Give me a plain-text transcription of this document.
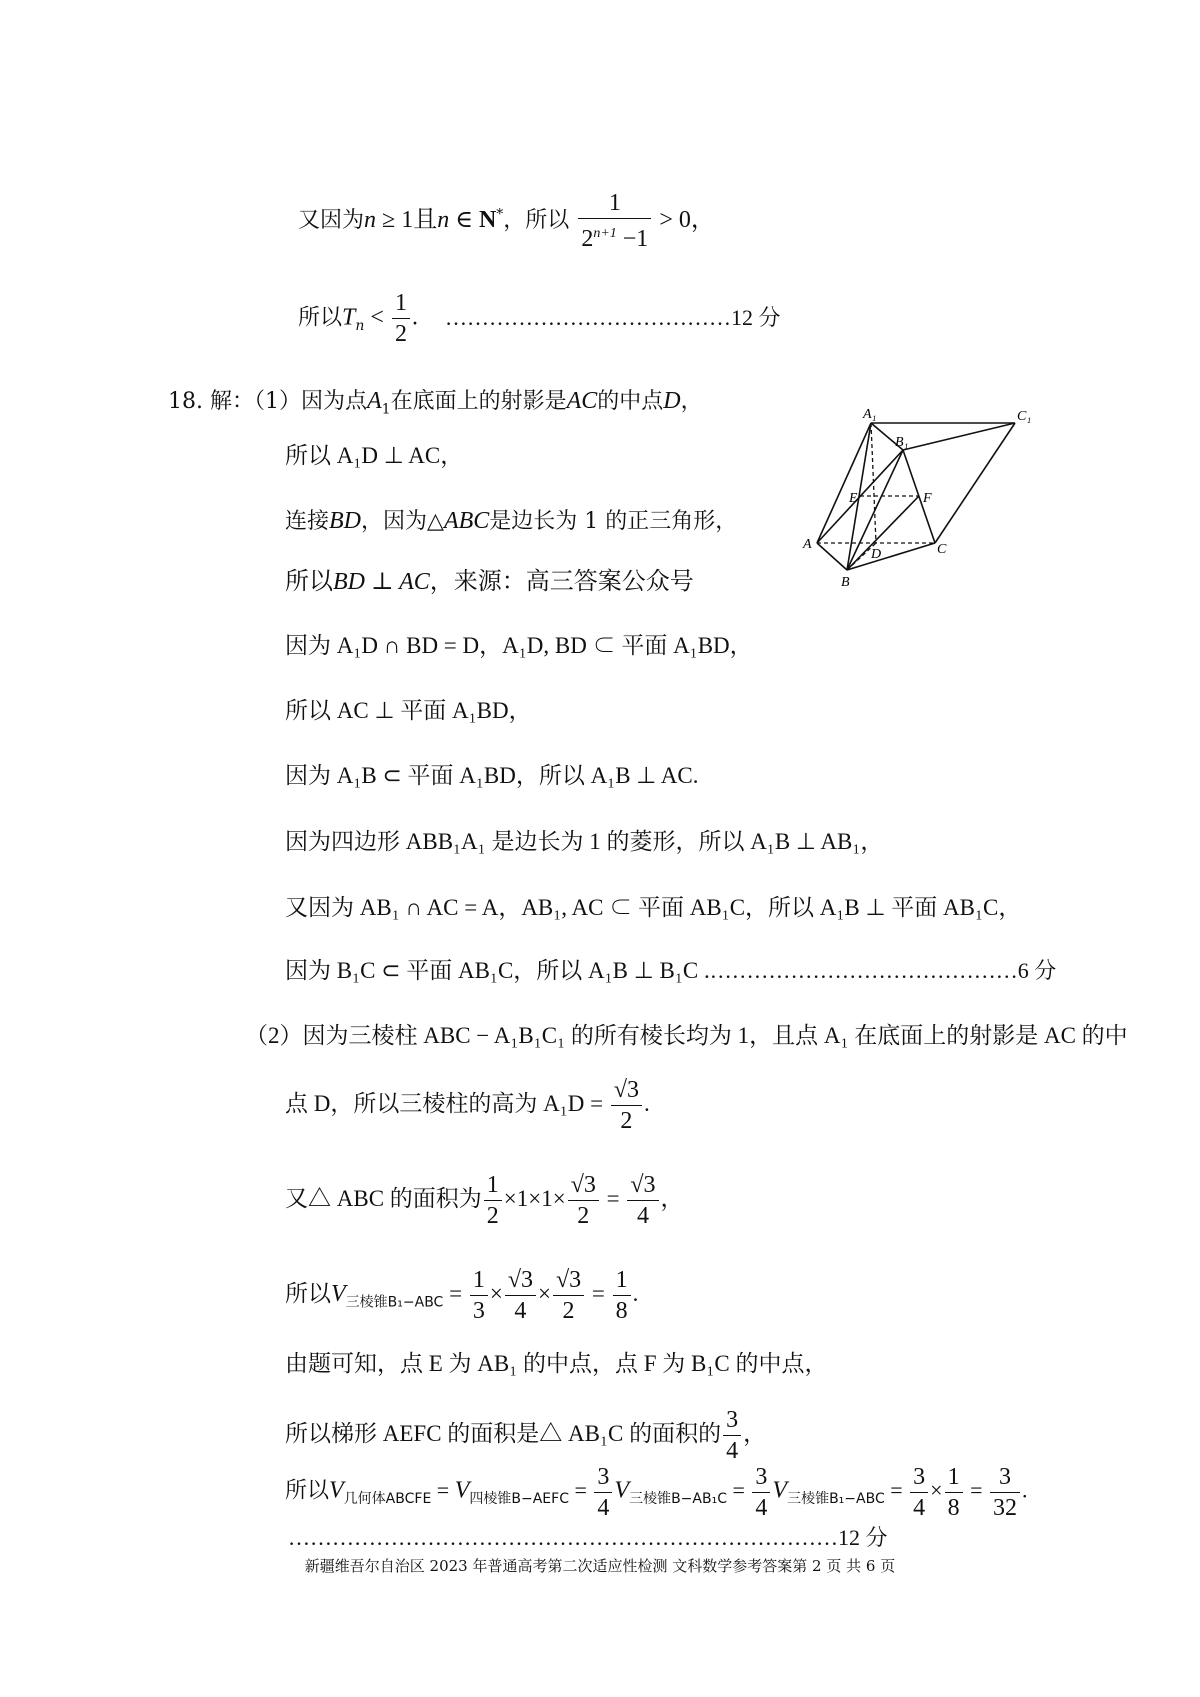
又因为n ≥ 1且n ∈ N*，所以 $\frac{1}{2^{n+1} -1} > 0$，
所以$T_n < \frac{1}{2}$ . …………………………………12 分
18. 解：（1）因为点$A_1$在底面上的射影是AC的中点D，
所以 A₁D ⊥ AC，
连接BD，因为△ABC是边长为 1 的正三角形，
所以BD ⊥ AC，来源：高三答案公众号
因为 A₁D ∩ BD = D，A₁D, BD ⊂ 平面 A₁BD，
所以 AC ⊥ 平面 A₁BD，
因为 A₁B ⊂ 平面 A₁BD，所以 A₁B ⊥ AC.
因为四边形 ABB₁A₁ 是边长为 1 的菱形，所以 A₁B ⊥ AB₁，
又因为 AB₁ ∩ AC = A，AB₁, AC ⊂ 平面 AB₁C，所以 A₁B ⊥ 平面 AB₁C，
因为 B₁C ⊂ 平面 AB₁C，所以 A₁B ⊥ B₁C .……………………………………6 分
（2）因为三棱柱 ABC − A₁B₁C₁ 的所有棱长均为 1，且点 A₁ 在底面上的射影是 AC 的中
点 D，所以三棱柱的高为 $A_1D = \frac{√3}{2}$ .
又△ ABC 的面积为 $\frac{1}{2} \times 1\times 1\times \frac{√3}{2} = \frac{√3}{4}$ ，
所以$V_{三棱锥B_1-ABC} = \frac{1}{3} \times \frac{√3}{4} \times \frac{√3}{2} = \frac{1}{8}$ .
由题可知，点 E 为 AB₁ 的中点，点 F 为 B₁C 的中点，
所以梯形 AEFC 的面积是△ AB₁C 的面积的 $\frac{3}{4}$ ，
所以$V_{几何体ABCFE} = V_{四棱锥B-AEFC} = \frac{3}{4} V_{三棱锥B-AB_1C} = \frac{3}{4} V_{三棱锥B_1-ABC} = \frac{3}{4} \times \frac{1}{8} = \frac{3}{32}$ .
…………………………………………………………………12 分
新疆维吾尔自治区 2023 年普通高考第二次适应性检测 文科数学参考答案第 2 页 共 6 页
A₁	C₁
B₁
E	F
A
D	C
B
